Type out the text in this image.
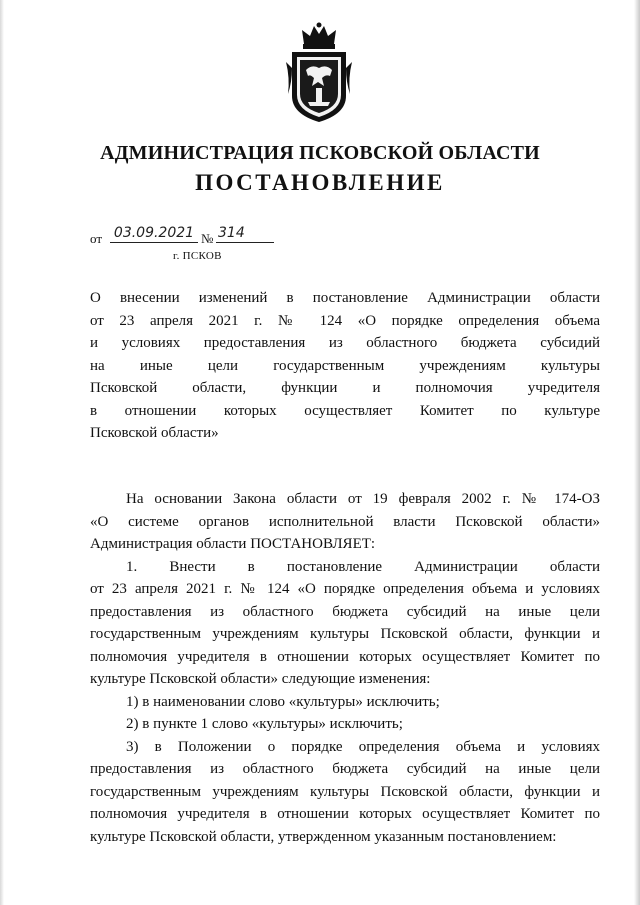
АДМИНИСТРАЦИЯ ПСКОВСКОЙ ОБЛАСТИ
ПОСТАНОВЛЕНИЕ
от 03.09.2021 № 314
г. ПСКОВ
О внесении изменений в постановление Администрации области
от 23 апреля 2021 г. № 124 «О порядке определения объема
и условиях предоставления из областного бюджета субсидий
на иные цели государственным учреждениям культуры
Псковской области, функции и полномочия учредителя
в отношении которых осуществляет Комитет по культуре
Псковской области»
На основании Закона области от 19 февраля 2002 г. № 174-ОЗ
«О системе органов исполнительной власти Псковской области»
Администрация области ПОСТАНОВЛЯЕТ:
1. Внести в постановление Администрации области
от 23 апреля 2021 г. № 124 «О порядке определения объема и условиях
предоставления из областного бюджета субсидий на иные цели
государственным учреждениям культуры Псковской области, функции и
полномочия учредителя в отношении которых осуществляет Комитет по
культуре Псковской области» следующие изменения:
1) в наименовании слово «культуры» исключить;
2) в пункте 1 слово «культуры» исключить;
3) в Положении о порядке определения объема и условиях
предоставления из областного бюджета субсидий на иные цели
государственным учреждениям культуры Псковской области, функции и
полномочия учредителя в отношении которых осуществляет Комитет по
культуре Псковской области, утвержденном указанным постановлением:
